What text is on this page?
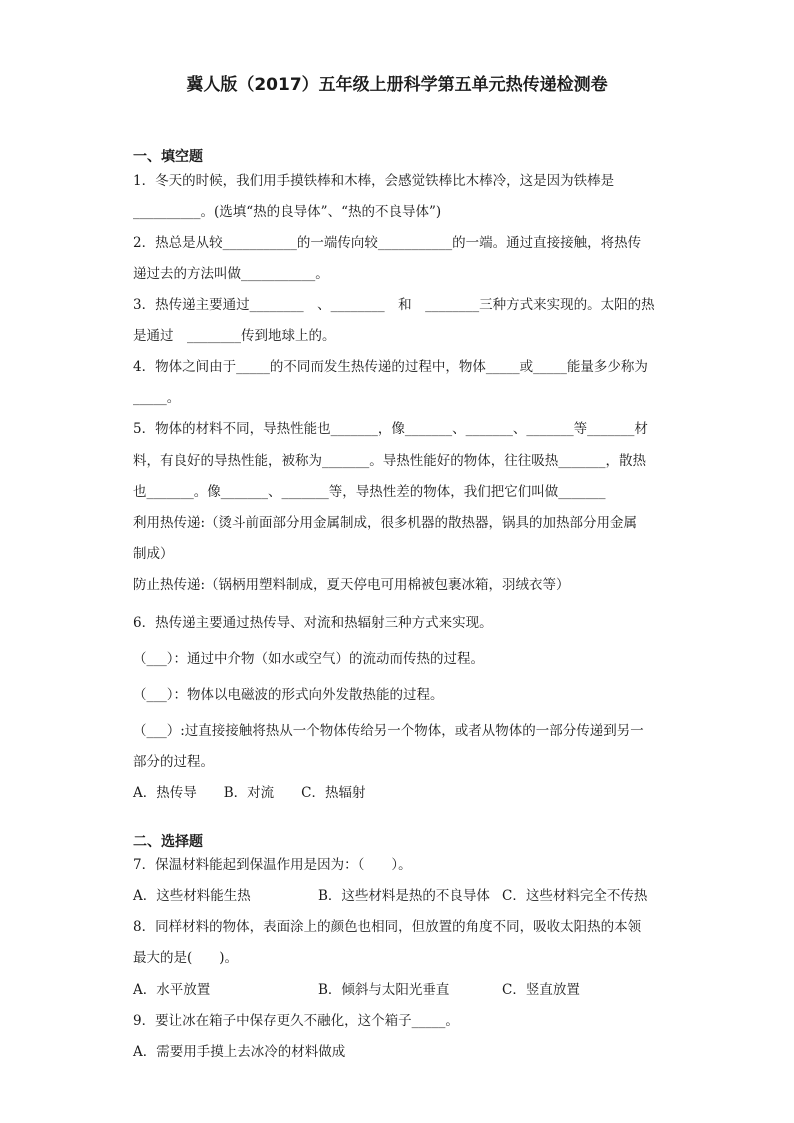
冀人版（2017）五年级上册科学第五单元热传递检测卷
一、填空题
1．冬天的时候，我们用手摸铁棒和木棒，会感觉铁棒比木棒冷，这是因为铁棒是
__________。(选填“热的良导体”、“热的不良导体”)
2．热总是从较___________的一端传向较___________的一端。通过直接接触，将热传
递过去的方法叫做___________。
3．热传递主要通过________　、________　和　________三种方式来实现的。太阳的热
是通过　________传到地球上的。
4．物体之间由于_____的不同而发生热传递的过程中，物体_____或_____能量多少称为
_____。
5．物体的材料不同，导热性能也_______，像_______、_______、_______等_______材
料，有良好的导热性能，被称为_______。导热性能好的物体，往往吸热_______，散热
也_______。像_______、_______等，导热性差的物体，我们把它们叫做_______
利用热传递:（烫斗前面部分用金属制成，很多机器的散热器，锅具的加热部分用金属
制成）
防止热传递:（锅柄用塑料制成，夏天停电可用棉被包裹冰箱，羽绒衣等）
6．热传递主要通过热传导、对流和热辐射三种方式来实现。
（___）：通过中介物（如水或空气）的流动而传热的过程。
（___）：物体以电磁波的形式向外发散热能的过程。
（___）:过直接接触将热从一个物体传给另一个物体，或者从物体的一部分传递到另一
部分的过程。
A．热传导　　B．对流　　C．热辐射
二、选择题
7．保温材料能起到保温作用是因为：（　　）。
A．这些材料能生热	B．这些材料是热的不良导体 C．这些材料完全不传热
8．同样材料的物体，表面涂上的颜色也相同，但放置的角度不同，吸收太阳热的本领
最大的是(　　)。
A．水平放置	B．倾斜与太阳光垂直	C．竖直放置
9．要让冰在箱子中保存更久不融化，这个箱子_____。
A．需要用手摸上去冰冷的材料做成
